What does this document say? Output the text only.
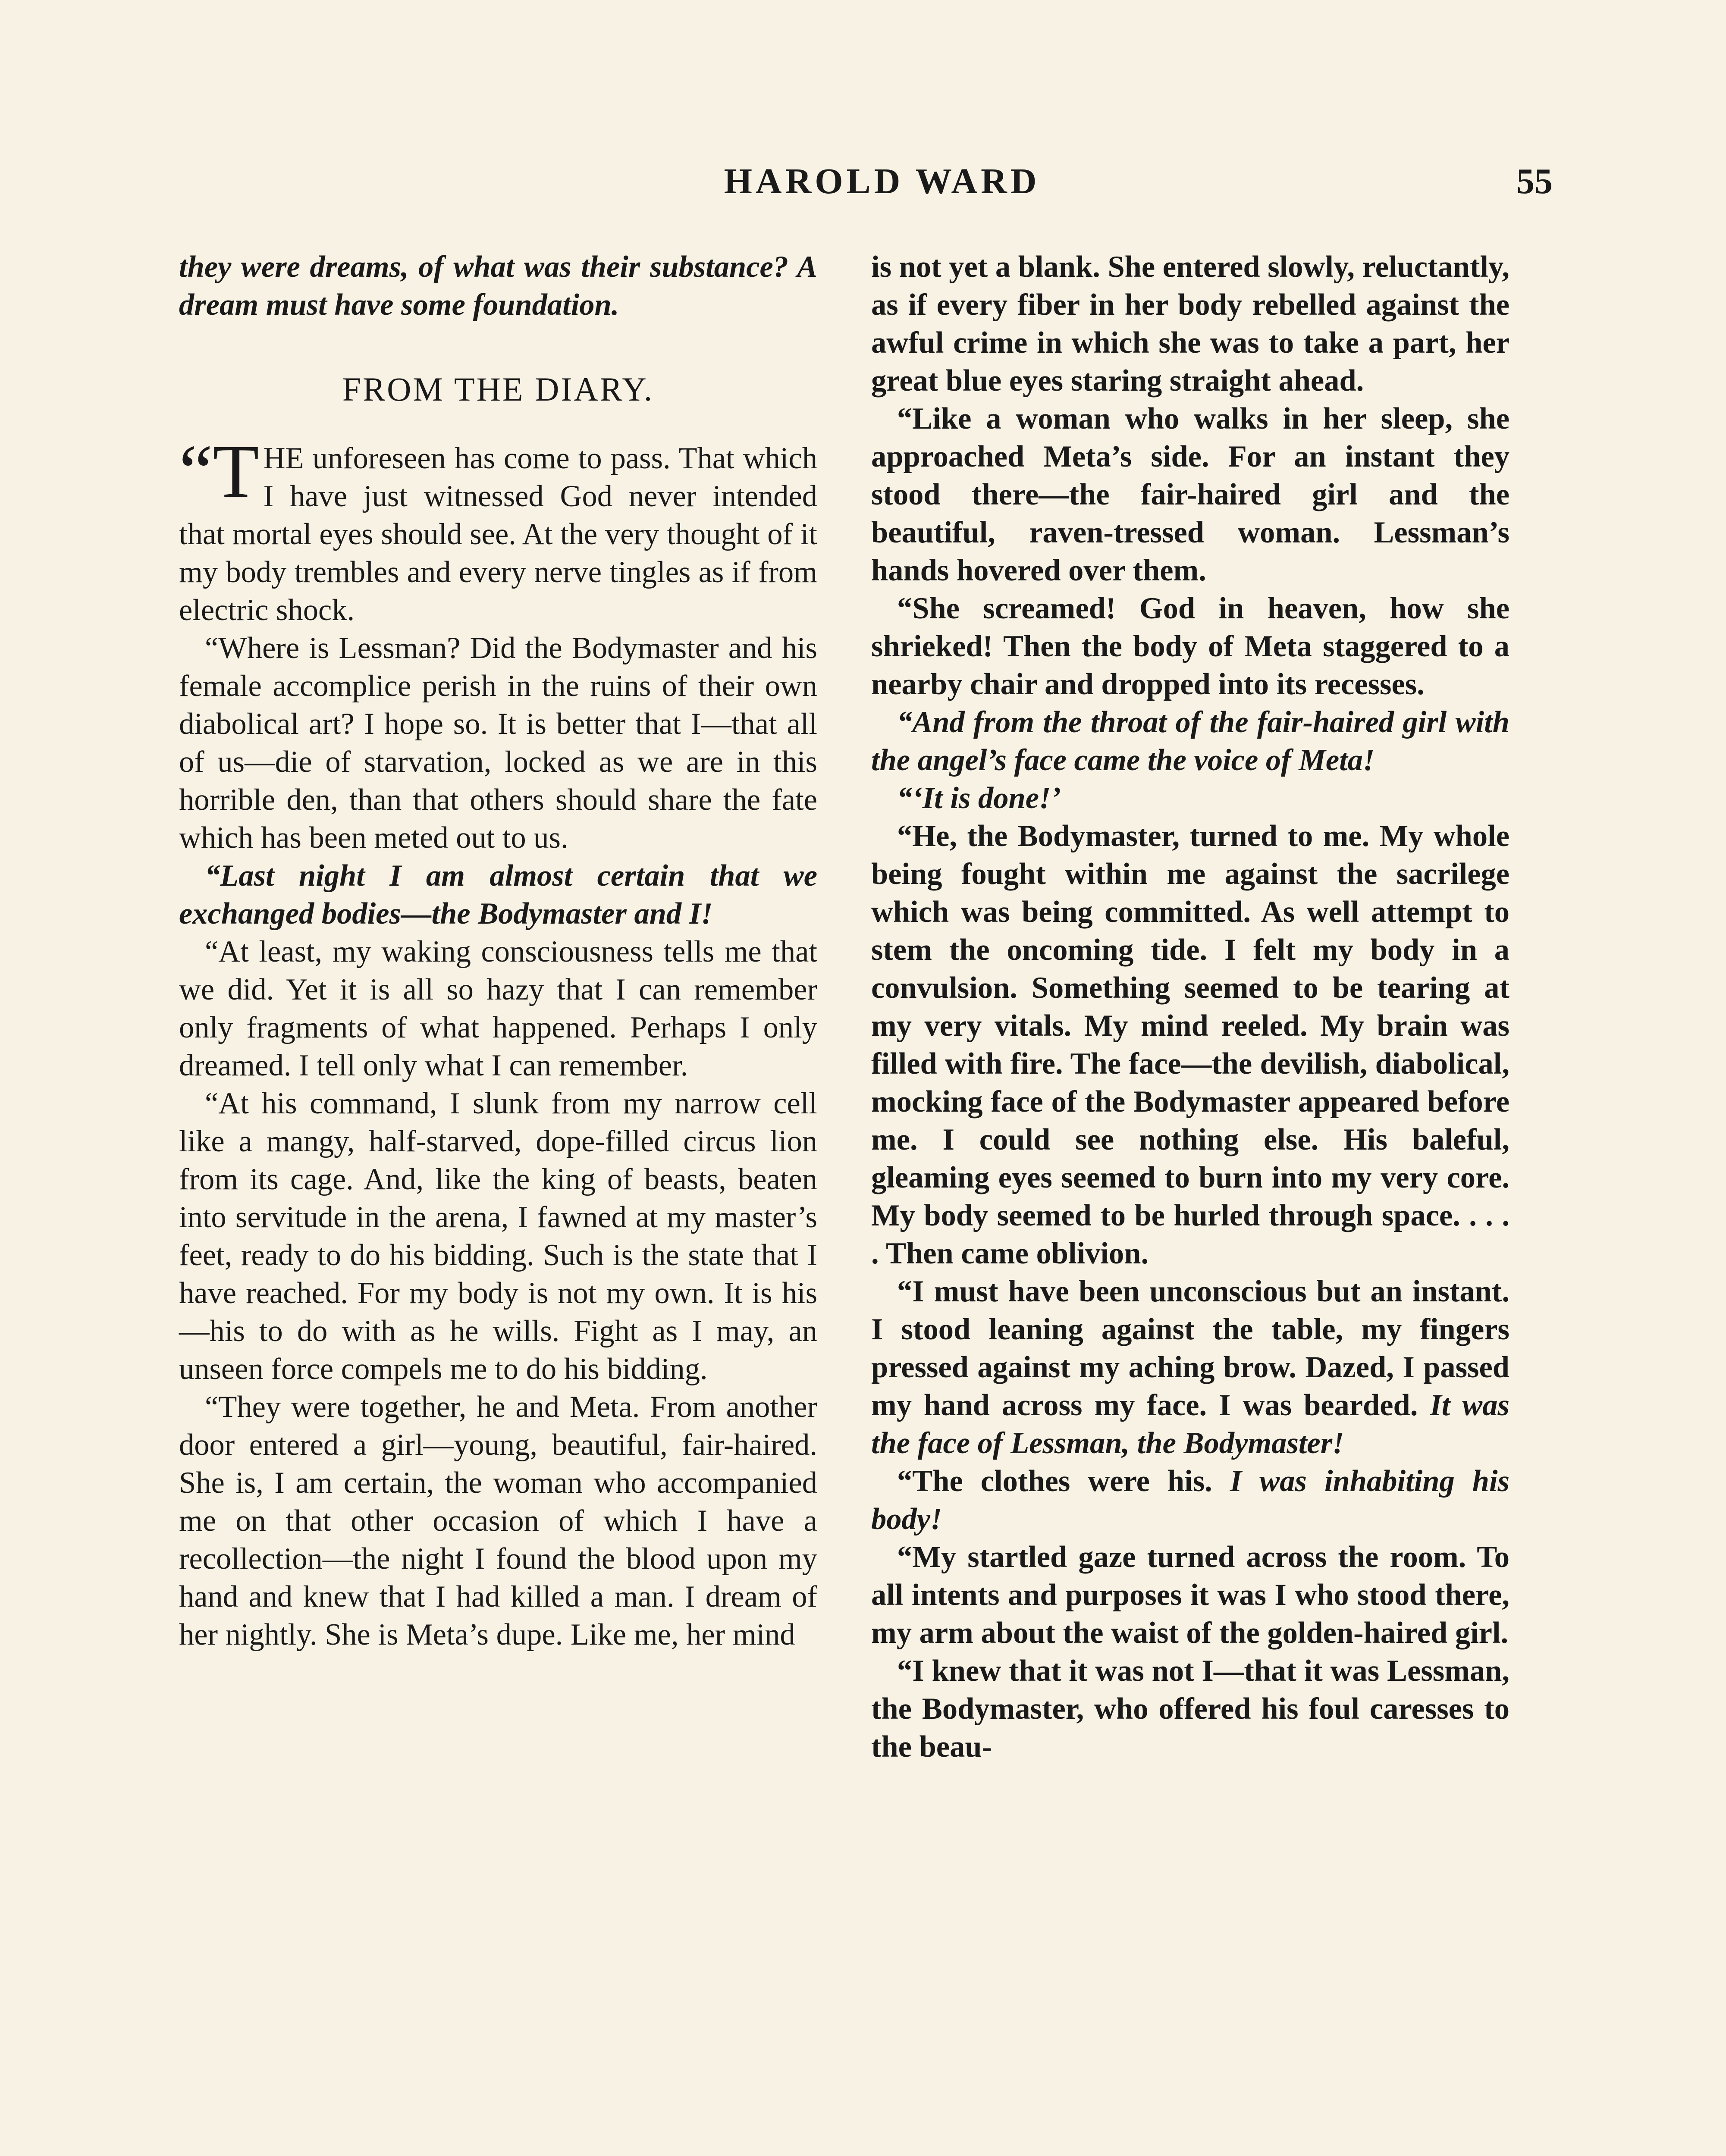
HAROLD WARD	55

they were dreams, of what was their substance? A dream must have some foundation.

FROM THE DIARY.

“T HE unforeseen has come to pass. That which I have just witnessed God never intended that mortal eyes should see. At the very thought of it my body trembles and every nerve tingles as if from electric shock.

“Where is Lessman? Did the Bodymaster and his female accomplice perish in the ruins of their own diabolical art? I hope so. It is better that I—that all of us—die of starvation, locked as we are in this horrible den, than that others should share the fate which has been meted out to us.

“Last night I am almost certain that we exchanged bodies—the Bodymaster and I!

“At least, my waking consciousness tells me that we did. Yet it is all so hazy that I can remember only fragments of what happened. Perhaps I only dreamed. I tell only what I can remember.

“At his command, I slunk from my narrow cell like a mangy, half-starved, dope-filled circus lion from its cage. And, like the king of beasts, beaten into servitude in the arena, I fawned at my master’s feet, ready to do his bidding. Such is the state that I have reached. For my body is not my own. It is his—his to do with as he wills. Fight as I may, an unseen force compels me to do his bidding.

“They were together, he and Meta. From another door entered a girl—young, beautiful, fair-haired. She is, I am certain, the woman who accompanied me on that other occasion of which I have a recollection—the night I found the blood upon my hand and knew that I had killed a man. I dream of her nightly. She is Meta’s dupe. Like me, her mind

is not yet a blank. She entered slowly, reluctantly, as if every fiber in her body rebelled against the awful crime in which she was to take a part, her great blue eyes staring straight ahead.

“Like a woman who walks in her sleep, she approached Meta’s side. For an instant they stood there—the fair-haired girl and the beautiful, raven-tressed woman. Lessman’s hands hovered over them.

“She screamed! God in heaven, how she shrieked! Then the body of Meta staggered to a nearby chair and dropped into its recesses.

“And from the throat of the fair-haired girl with the angel’s face came the voice of Meta!

“‘It is done!’

“He, the Bodymaster, turned to me. My whole being fought within me against the sacrilege which was being committed. As well attempt to stem the oncoming tide. I felt my body in a convulsion. Something seemed to be tearing at my very vitals. My mind reeled. My brain was filled with fire. The face—the devilish, diabolical, mocking face of the Bodymaster appeared before me. I could see nothing else. His baleful, gleaming eyes seemed to burn into my very core. My body seemed to be hurled through space. . . . . Then came oblivion.

“I must have been unconscious but an instant. I stood leaning against the table, my fingers pressed against my aching brow. Dazed, I passed my hand across my face. I was bearded. It was the face of Lessman, the Bodymaster!

“The clothes were his. I was inhabiting his body!

“My startled gaze turned across the room. To all intents and purposes it was I who stood there, my arm about the waist of the golden-haired girl.

“I knew that it was not I—that it was Lessman, the Bodymaster, who offered his foul caresses to the beau-
